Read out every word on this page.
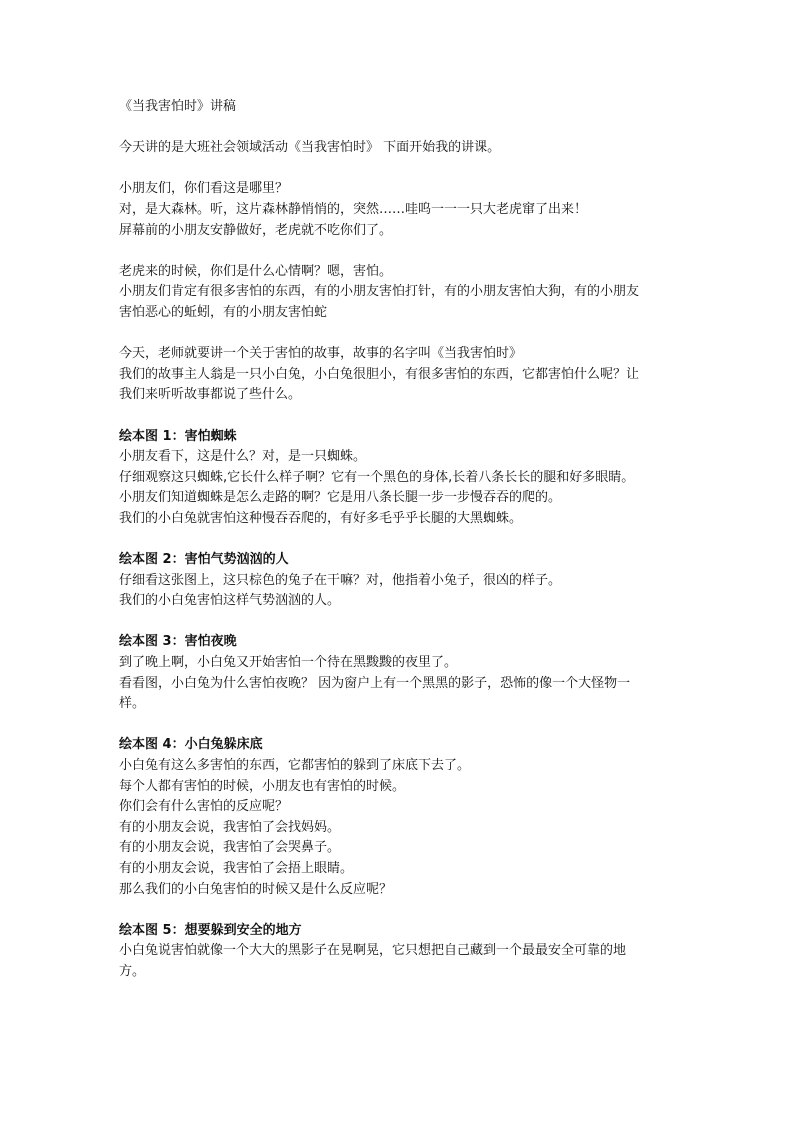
《当我害怕时》讲稿
今天讲的是大班社会领域活动《当我害怕时》 下面开始我的讲课。
小朋友们，你们看这是哪里？
对，是大森林。听，这片森林静悄悄的，突然……哇呜一一一只大老虎窜了出来！
屏幕前的小朋友安静做好，老虎就不吃你们了。
老虎来的时候，你们是什么心情啊？嗯，害怕。
小朋友们肯定有很多害怕的东西，有的小朋友害怕打针，有的小朋友害怕大狗，有的小朋友
害怕恶心的蚯蚓，有的小朋友害怕蛇
今天，老师就要讲一个关于害怕的故事，故事的名字叫《当我害怕时》
我们的故事主人翁是一只小白兔，小白兔很胆小，有很多害怕的东西，它都害怕什么呢？让
我们来听听故事都说了些什么。
绘本图 1：害怕蜘蛛
小朋友看下，这是什么？对，是一只蜘蛛。
仔细观察这只蜘蛛,它长什么样子啊？它有一个黑色的身体,长着八条长长的腿和好多眼睛。
小朋友们知道蜘蛛是怎么走路的啊？它是用八条长腿一步一步慢吞吞的爬的。
我们的小白兔就害怕这种慢吞吞爬的，有好多毛乎乎长腿的大黑蜘蛛。
绘本图 2：害怕气势汹汹的人
仔细看这张图上，这只棕色的兔子在干嘛？对，他指着小兔子，很凶的样子。
我们的小白兔害怕这样气势汹汹的人。
绘本图 3：害怕夜晚
到了晚上啊，小白兔又开始害怕一个待在黑黢黢的夜里了。
看看图，小白兔为什么害怕夜晚？ 因为窗户上有一个黑黑的影子，恐怖的像一个大怪物一
样。
绘本图 4：小白兔躲床底
小白兔有这么多害怕的东西，它都害怕的躲到了床底下去了。
每个人都有害怕的时候，小朋友也有害怕的时候。
你们会有什么害怕的反应呢？
有的小朋友会说，我害怕了会找妈妈。
有的小朋友会说，我害怕了会哭鼻子。
有的小朋友会说，我害怕了会捂上眼睛。
那么我们的小白兔害怕的时候又是什么反应呢？
绘本图 5：想要躲到安全的地方
小白兔说害怕就像一个大大的黑影子在晃啊晃，它只想把自己藏到一个最最安全可靠的地
方。
